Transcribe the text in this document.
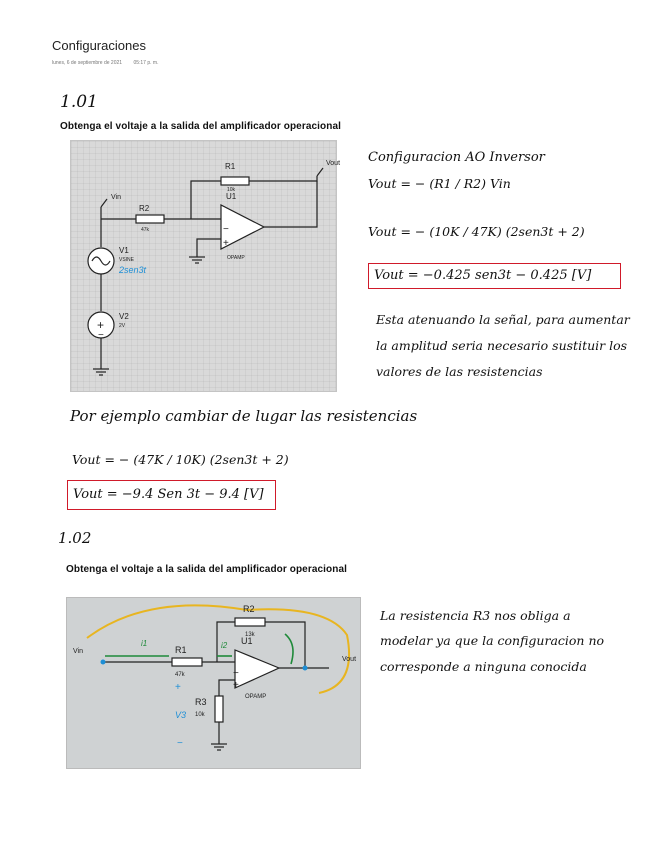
Configuraciones
lunes, 6 de septiembre de 2021 05:17 p. m.
1.01
Obtenga el voltaje a la salida del amplificador operacional
+
−
−
+
Vin
Vout
R1
10k
R2
47k
U1
OPAMP
V1
VSINE
2sen3t
V2
2V
Configuracion AO Inversor
Vout = − (R1 / R2) Vin
Vout = − (10K / 47K) (2sen3t + 2)
Vout = −0.425 sen3t − 0.425 [V]
Esta atenuando la señal, para aumentar
la amplitud seria necesario sustituir los
valores de las resistencias
Por ejemplo cambiar de lugar las resistencias
Vout = − (47K / 10K) (2sen3t + 2)
Vout = −9.4 Sen 3t − 9.4 [V]
1.02
Obtenga el voltaje a la salida del amplificador operacional
−
+
Vin
Vout
R1
47k
R2
13k
R3
10k
U1
OPAMP
i1	i2
V3
+
−
La resistencia R3 nos obliga a
modelar ya que la configuracion no
corresponde a ninguna conocida
